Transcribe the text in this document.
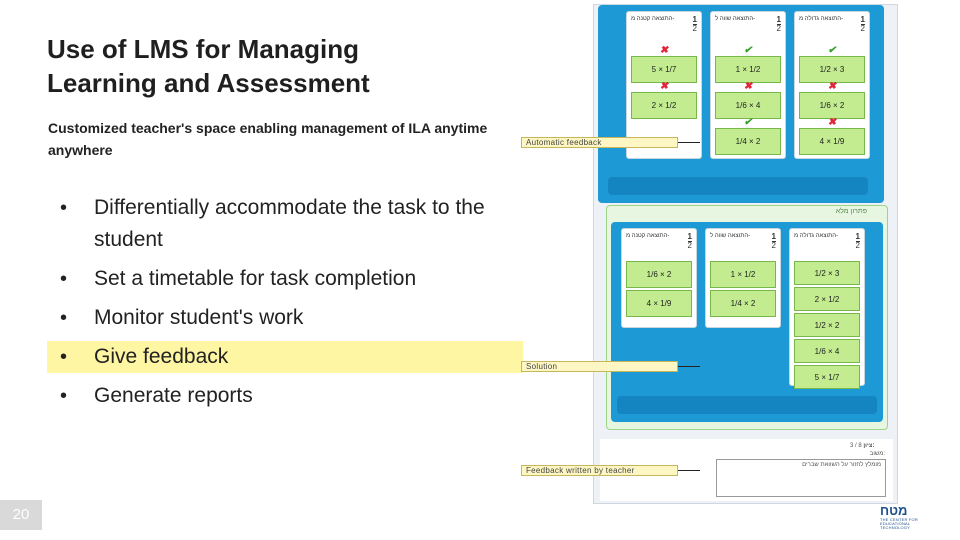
Use of LMS for Managing
Learning and Assessment
Customized teacher's space enabling management of ILA anytime anywhere
• Differentially accommodate the task to the student
• Set a timetable for task completion
• Monitor student's work
• Give feedback
• Generate reports
20
התוצאה קטנה מ- $\frac{1}{2}$
✖
5 × 1/7
✖
2 × 1/2
התוצאה שווה ל-	$\frac{1}{2}$
✔
1 × 1/2
✖
1/6 × 4
✔
1/4 × 2
התוצאה גדולה מ- $\frac{1}{2}$
✔
1/2 × 3
✖
1/6 × 2
✖
4 × 1/9
פתרון מלא
התוצאה קטנה מ- $\frac{1}{2}$
1/6 × 2
4 × 1/9
התוצאה שווה ל-	$\frac{1}{2}$
1 × 1/2
1/4 × 2
התוצאה גדולה מ- $\frac{1}{2}$
1/2 × 3
2 × 1/2
1/2 × 2
1/6 × 4
5 × 1/7
3 / 8 ציון:
משוב:
מומלץ לחזור על השוואת שברים
Automatic feedback
Solution
Feedback written by teacher
מטח
THE CENTER FOR EDUCATIONAL TECHNOLOGY
